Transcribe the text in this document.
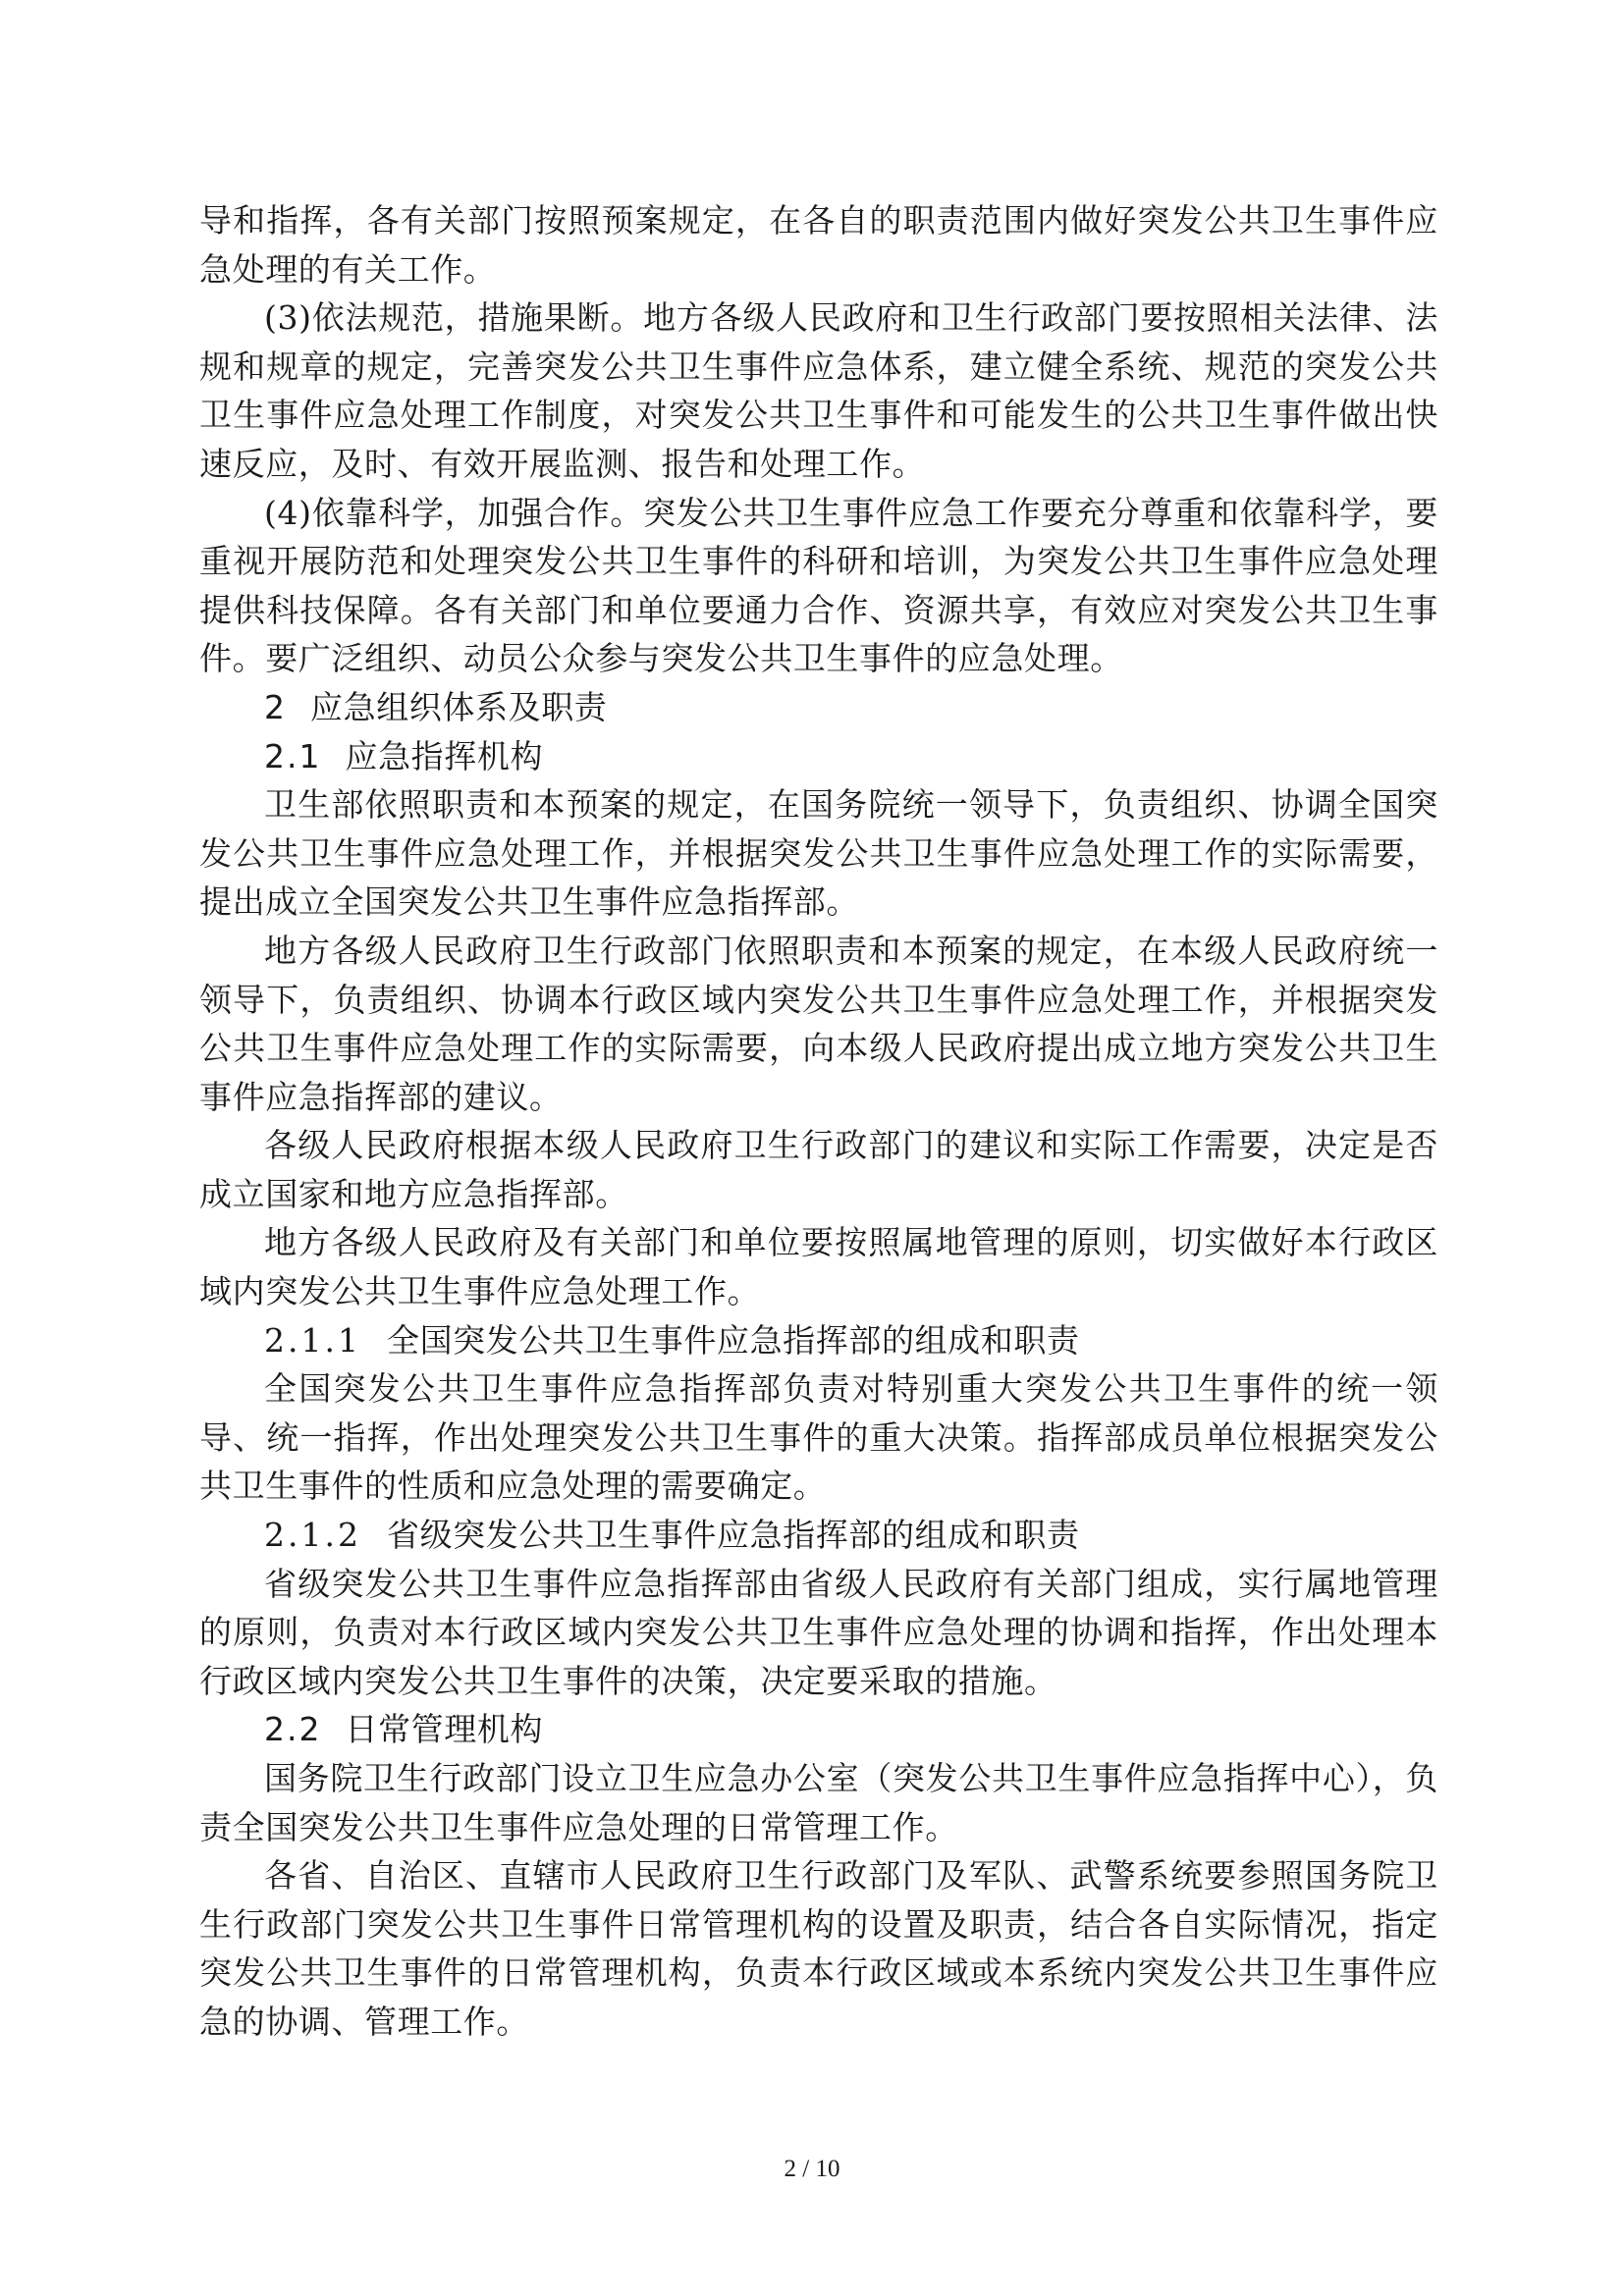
导和指挥，各有关部门按照预案规定，在各自的职责范围内做好突发公共卫生事件应急处理的有关工作。

(3)依法规范，措施果断。地方各级人民政府和卫生行政部门要按照相关法律、法规和规章的规定，完善突发公共卫生事件应急体系，建立健全系统、规范的突发公共卫生事件应急处理工作制度，对突发公共卫生事件和可能发生的公共卫生事件做出快速反应，及时、有效开展监测、报告和处理工作。

(4)依靠科学，加强合作。突发公共卫生事件应急工作要充分尊重和依靠科学，要重视开展防范和处理突发公共卫生事件的科研和培训，为突发公共卫生事件应急处理提供科技保障。各有关部门和单位要通力合作、资源共享，有效应对突发公共卫生事件。要广泛组织、动员公众参与突发公共卫生事件的应急处理。

2 应急组织体系及职责

2.1 应急指挥机构

卫生部依照职责和本预案的规定，在国务院统一领导下，负责组织、协调全国突发公共卫生事件应急处理工作，并根据突发公共卫生事件应急处理工作的实际需要，提出成立全国突发公共卫生事件应急指挥部。

地方各级人民政府卫生行政部门依照职责和本预案的规定，在本级人民政府统一领导下，负责组织、协调本行政区域内突发公共卫生事件应急处理工作，并根据突发公共卫生事件应急处理工作的实际需要，向本级人民政府提出成立地方突发公共卫生事件应急指挥部的建议。

各级人民政府根据本级人民政府卫生行政部门的建议和实际工作需要，决定是否成立国家和地方应急指挥部。

地方各级人民政府及有关部门和单位要按照属地管理的原则，切实做好本行政区域内突发公共卫生事件应急处理工作。

2.1.1 全国突发公共卫生事件应急指挥部的组成和职责

全国突发公共卫生事件应急指挥部负责对特别重大突发公共卫生事件的统一领导、统一指挥，作出处理突发公共卫生事件的重大决策。指挥部成员单位根据突发公共卫生事件的性质和应急处理的需要确定。

2.1.2 省级突发公共卫生事件应急指挥部的组成和职责

省级突发公共卫生事件应急指挥部由省级人民政府有关部门组成，实行属地管理的原则，负责对本行政区域内突发公共卫生事件应急处理的协调和指挥，作出处理本行政区域内突发公共卫生事件的决策，决定要采取的措施。

2.2 日常管理机构

国务院卫生行政部门设立卫生应急办公室（突发公共卫生事件应急指挥中心），负责全国突发公共卫生事件应急处理的日常管理工作。

各省、自治区、直辖市人民政府卫生行政部门及军队、武警系统要参照国务院卫生行政部门突发公共卫生事件日常管理机构的设置及职责，结合各自实际情况，指定突发公共卫生事件的日常管理机构，负责本行政区域或本系统内突发公共卫生事件应急的协调、管理工作。

2 / 10
